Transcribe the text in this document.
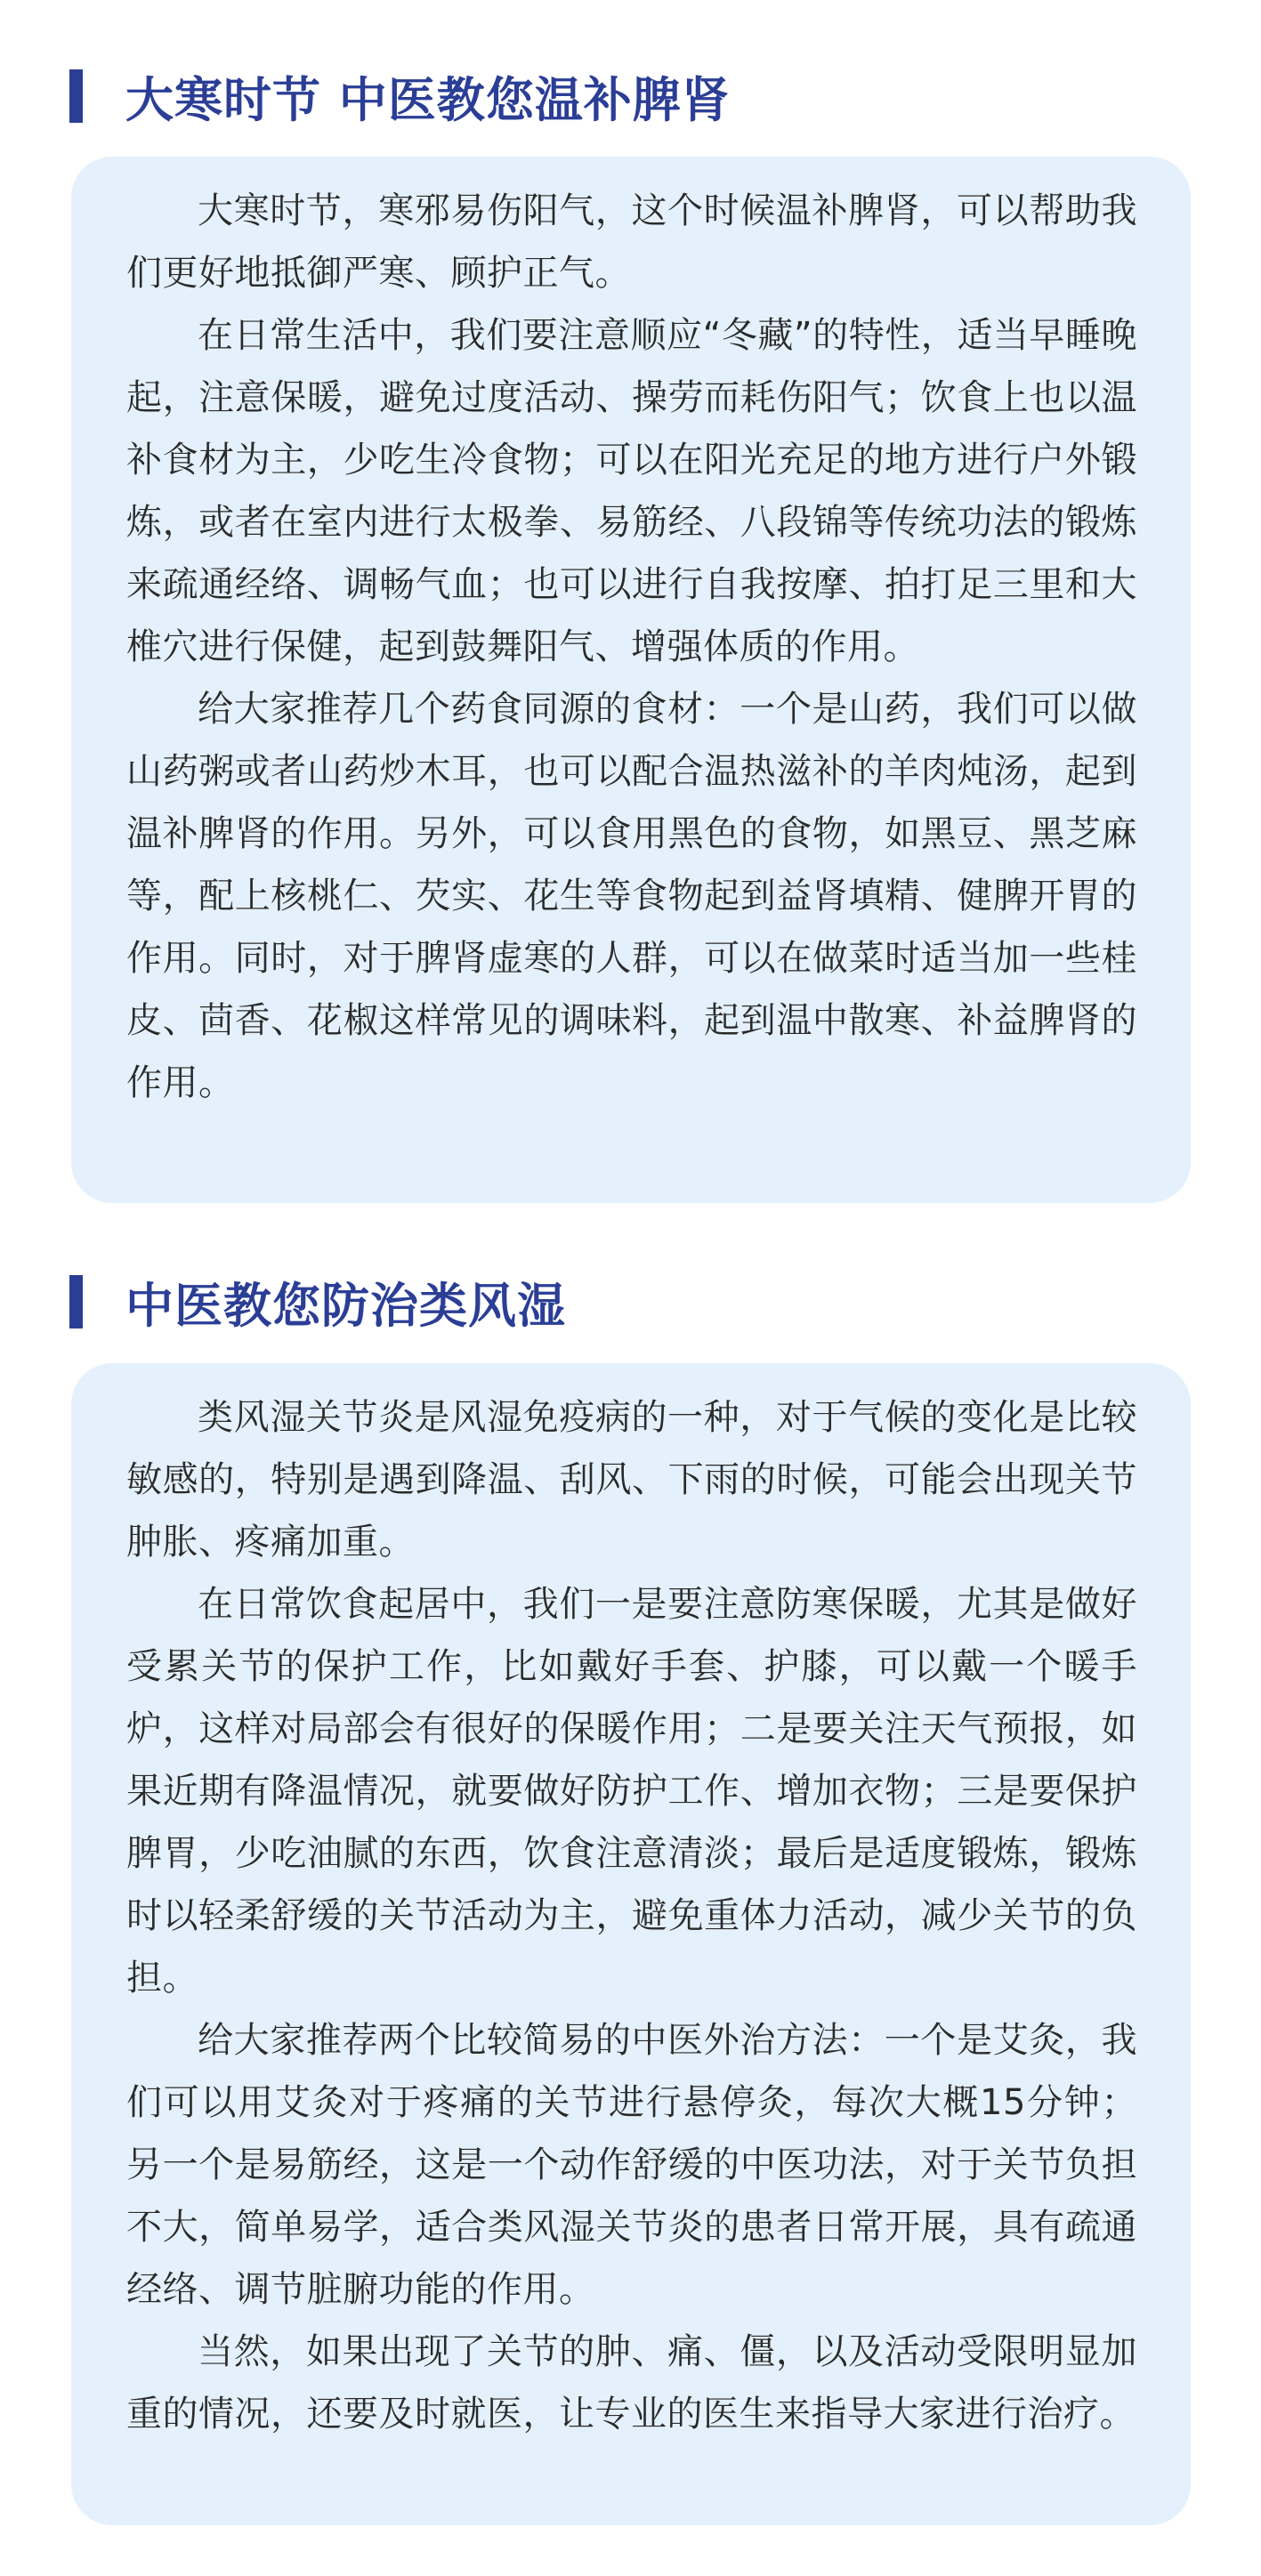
大寒时节 中医教您温补脾肾

大寒时节，寒邪易伤阳气，这个时候温补脾肾，可以帮助我们更好地抵御严寒、顾护正气。

在日常生活中，我们要注意顺应“冬藏”的特性，适当早睡晚起，注意保暖，避免过度活动、操劳而耗伤阳气；饮食上也以温补食材为主，少吃生冷食物；可以在阳光充足的地方进行户外锻炼，或者在室内进行太极拳、易筋经、八段锦等传统功法的锻炼来疏通经络、调畅气血；也可以进行自我按摩、拍打足三里和大椎穴进行保健，起到鼓舞阳气、增强体质的作用。

给大家推荐几个药食同源的食材：一个是山药，我们可以做山药粥或者山药炒木耳，也可以配合温热滋补的羊肉炖汤，起到温补脾肾的作用。另外，可以食用黑色的食物，如黑豆、黑芝麻等，配上核桃仁、芡实、花生等食物起到益肾填精、健脾开胃的作用。同时，对于脾肾虚寒的人群，可以在做菜时适当加一些桂皮、茴香、花椒这样常见的调味料，起到温中散寒、补益脾肾的作用。

中医教您防治类风湿

类风湿关节炎是风湿免疫病的一种，对于气候的变化是比较敏感的，特别是遇到降温、刮风、下雨的时候，可能会出现关节肿胀、疼痛加重。

在日常饮食起居中，我们一是要注意防寒保暖，尤其是做好受累关节的保护工作，比如戴好手套、护膝，可以戴一个暖手炉，这样对局部会有很好的保暖作用；二是要关注天气预报，如果近期有降温情况，就要做好防护工作、增加衣物；三是要保护脾胃，少吃油腻的东西，饮食注意清淡；最后是适度锻炼，锻炼时以轻柔舒缓的关节活动为主，避免重体力活动，减少关节的负担。

给大家推荐两个比较简易的中医外治方法：一个是艾灸，我们可以用艾灸对于疼痛的关节进行悬停灸，每次大概15分钟；另一个是易筋经，这是一个动作舒缓的中医功法，对于关节负担不大，简单易学，适合类风湿关节炎的患者日常开展，具有疏通经络、调节脏腑功能的作用。

当然，如果出现了关节的肿、痛、僵，以及活动受限明显加重的情况，还要及时就医，让专业的医生来指导大家进行治疗。
